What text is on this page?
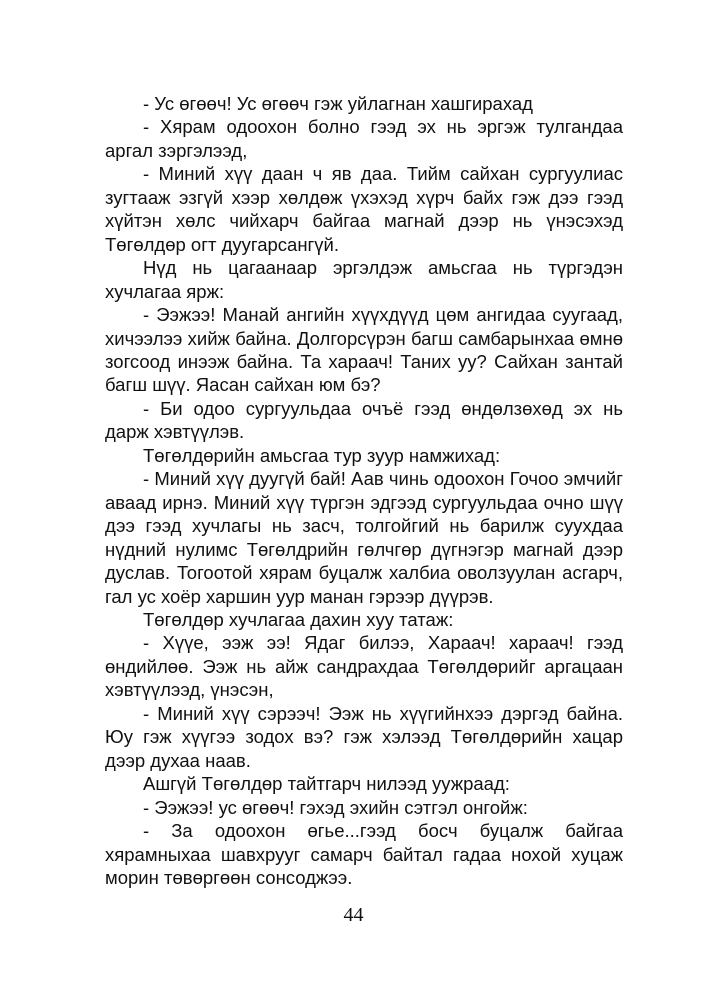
- Ус өгөөч! Ус өгөөч гэж уйлагнан хашгирахад

- Хярам одоохон болно гээд эх нь эргэж тулгандаа аргал зэргэлээд,

- Миний хүү даан ч яв даа. Тийм сайхан сургуулиас зугтааж эзгүй хээр хөлдөж үхэхэд хүрч байх гэж дээ гээд хүйтэн хөлс чийхарч байгаа магнай дээр нь үнэсэхэд Төгөлдөр огт дуугарсангүй.

Нүд нь цагаанаар эргэлдэж амьсгаа нь түргэдэн хучлагаа ярж:

- Ээжээ! Манай ангийн хүүхдүүд цөм ангидаа суугаад, хичээлээ хийж байна. Долгорсүрэн багш самбарынхаа өмнө зогсоод инээж байна. Та хараач! Таних уу? Сайхан зантай багш шүү. Яасан сайхан юм бэ?

- Би одоо сургуульдаа очъё гээд өндөлзөхөд эх нь дарж хэвтүүлэв.

Төгөлдөрийн амьсгаа тур зуур намжихад:

- Миний хүү дуугүй бай! Аав чинь одоохон Гочоо эмчийг аваад ирнэ. Миний хүү түргэн эдгээд сургуульдаа очно шүү дээ гээд хучлагы нь засч, толгойгий нь барилж суухдаа нүдний нулимс Төгөлдрийн гөлчгөр дүгнэгэр магнай дээр дуслав. Тогоотой хярам буцалж халбиа оволзуулан асгарч, гал ус хоёр харшин уур манан гэрээр дүүрэв.

Төгөлдөр хучлагаа дахин хуу татаж:

- Хүүе, ээж ээ! Ядаг билээ, Хараач! хараач! гээд өндийлөө. Ээж нь айж сандрахдаа Төгөлдөрийг аргацаан хэвтүүлээд, үнэсэн,

- Миний хүү сэрээч! Ээж нь хүүгийнхээ дэргэд байна. Юу гэж хүүгээ зодох вэ? гэж хэлээд Төгөлдөрийн хацар дээр духаа наав.

Ашгүй Төгөлдөр тайтгарч нилээд уужраад:

- Ээжээ! ус өгөөч! гэхэд эхийн сэтгэл онгойж:

- За одоохон өгье...гээд босч буцалж байгаа хярамныхаа шавхрууг самарч байтал гадаа нохой хуцаж морин төвөргөөн сонсоджээ.

44
